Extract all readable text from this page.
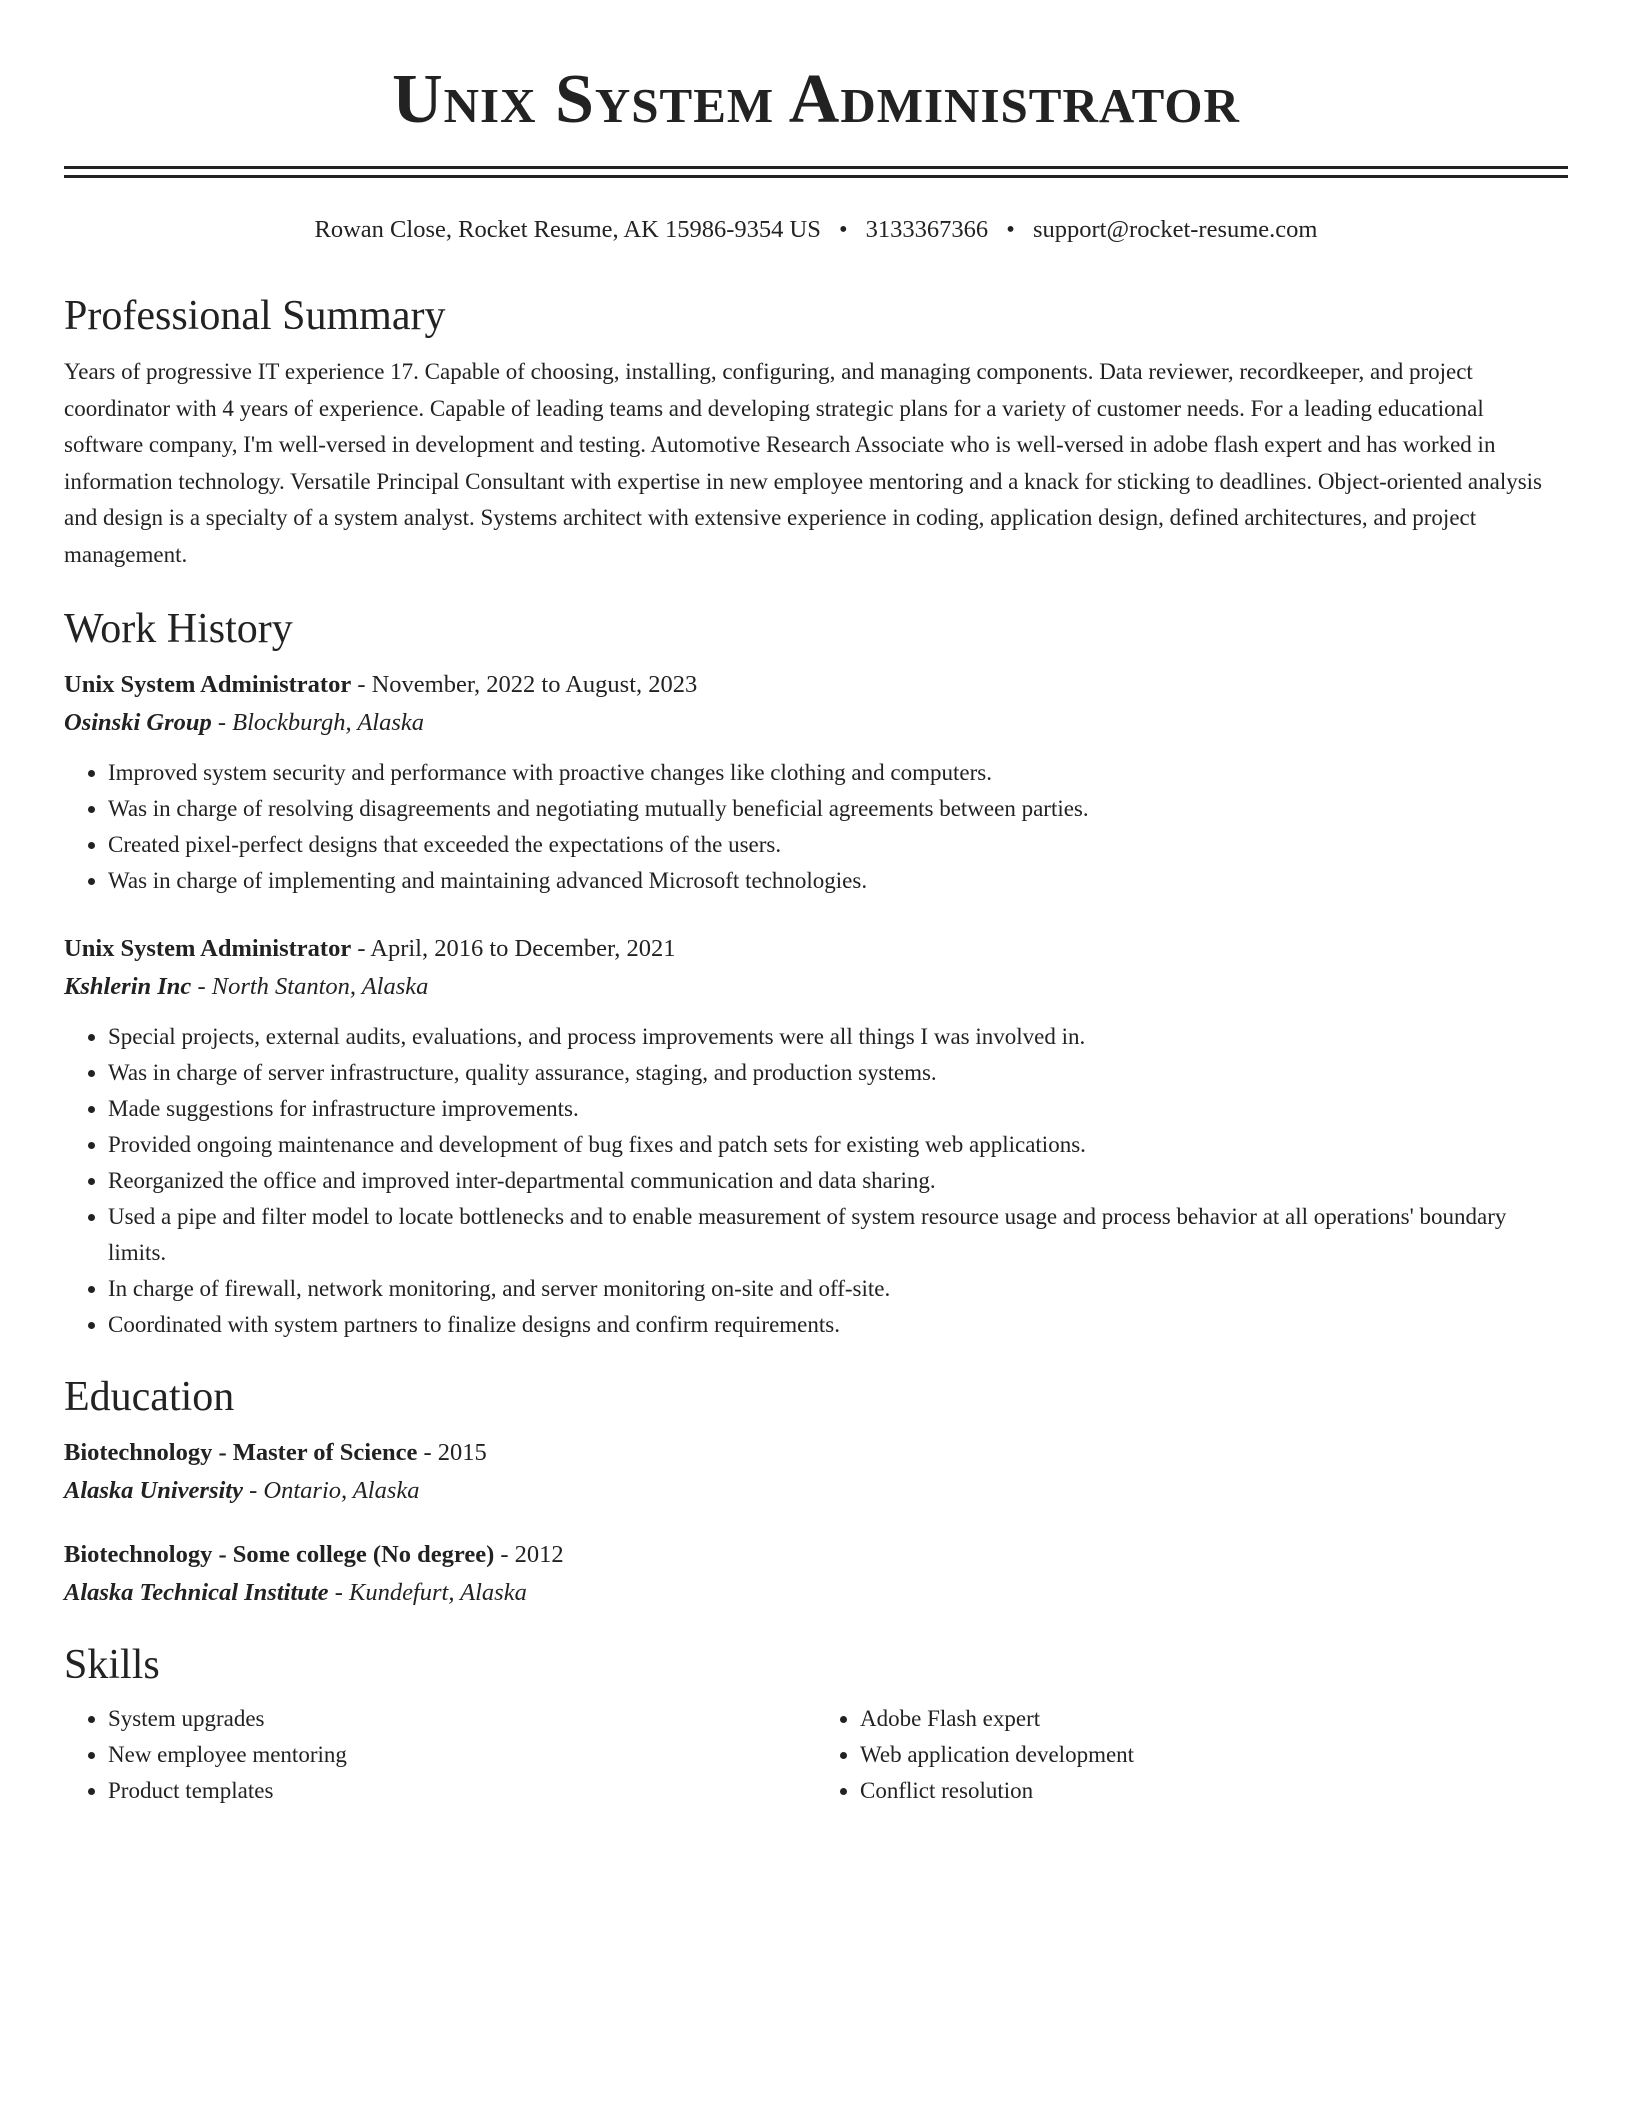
Unix System Administrator
Rowan Close, Rocket Resume, AK 15986-9354 US • 3133367366 • support@rocket-resume.com
Professional Summary

Years of progressive IT experience 17. Capable of choosing, installing, configuring, and managing components. Data reviewer, recordkeeper, and project coordinator with 4 years of experience. Capable of leading teams and developing strategic plans for a variety of customer needs. For a leading educational software company, I'm well-versed in development and testing. Automotive Research Associate who is well-versed in adobe flash expert and has worked in information technology. Versatile Principal Consultant with expertise in new employee mentoring and a knack for sticking to deadlines. Object-oriented analysis and design is a specialty of a system analyst. Systems architect with extensive experience in coding, application design, defined architectures, and project management.

Work History

Unix System Administrator - November, 2022 to August, 2023

Osinski Group - Blockburgh, Alaska

• Improved system security and performance with proactive changes like clothing and computers.
• Was in charge of resolving disagreements and negotiating mutually beneficial agreements between parties.
• Created pixel-perfect designs that exceeded the expectations of the users.
• Was in charge of implementing and maintaining advanced Microsoft technologies.

Unix System Administrator - April, 2016 to December, 2021

Kshlerin Inc - North Stanton, Alaska

• Special projects, external audits, evaluations, and process improvements were all things I was involved in.
• Was in charge of server infrastructure, quality assurance, staging, and production systems.
• Made suggestions for infrastructure improvements.
• Provided ongoing maintenance and development of bug fixes and patch sets for existing web applications.
• Reorganized the office and improved inter-departmental communication and data sharing.
• Used a pipe and filter model to locate bottlenecks and to enable measurement of system resource usage and process behavior at all operations' boundary limits.
• In charge of firewall, network monitoring, and server monitoring on-site and off-site.
• Coordinated with system partners to finalize designs and confirm requirements.
Education

Biotechnology - Master of Science - 2015

Alaska University - Ontario, Alaska

Biotechnology - Some college (No degree) - 2012

Alaska Technical Institute - Kundefurt, Alaska

Skills
• System upgrades
• New employee mentoring
• Product templates
• Adobe Flash expert
• Web application development
• Conflict resolution
